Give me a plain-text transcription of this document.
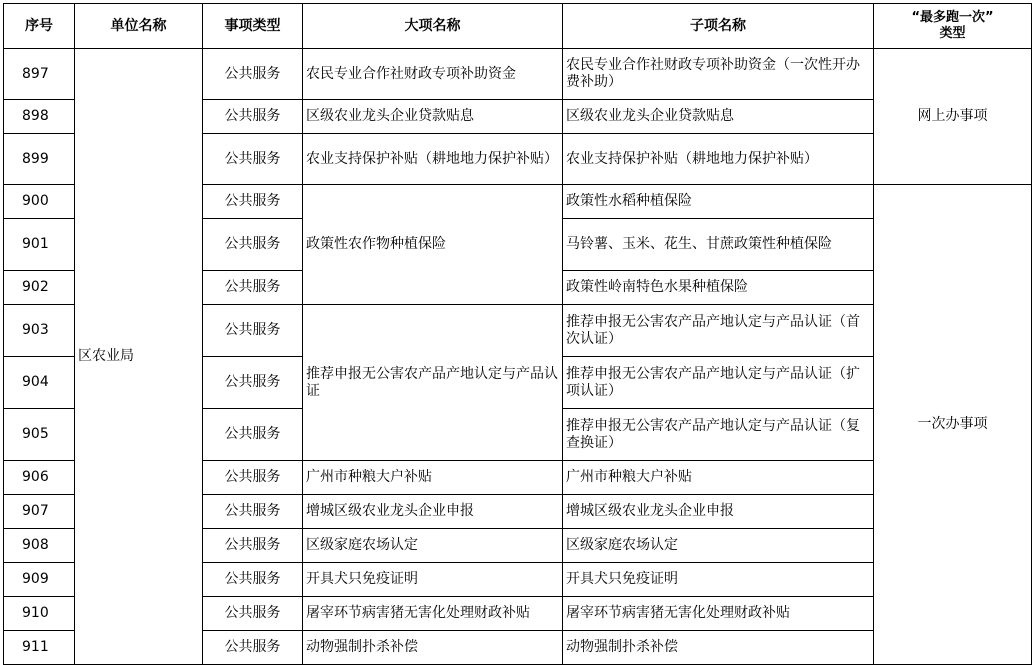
序号	单位名称	事项类型	大项名称	子项名称	“最多跑一次”
类型
897	区农业局	公共服务	农民专业合作社财政专项补助资金	农民专业合作社财政专项补助资金（一次性开办费补助）	网上办事项
898		公共服务	区级农业龙头企业贷款贴息	区级农业龙头企业贷款贴息	
899		公共服务	农业支持保护补贴（耕地地力保护补贴）	农业支持保护补贴（耕地地力保护补贴）	
900		公共服务	政策性农作物种植保险	政策性水稻种植保险	一次办事项
901		公共服务		马铃薯、玉米、花生、甘蔗政策性种植保险	
902		公共服务		政策性岭南特色水果种植保险	
903		公共服务	推荐申报无公害农产品产地认定与产品认证	推荐申报无公害农产品产地认定与产品认证（首次认证）	
904		公共服务		推荐申报无公害农产品产地认定与产品认证（扩项认证）	
905		公共服务		推荐申报无公害农产品产地认定与产品认证（复查换证）	
906		公共服务	广州市种粮大户补贴	广州市种粮大户补贴	
907		公共服务	增城区级农业龙头企业申报	增城区级农业龙头企业申报	
908		公共服务	区级家庭农场认定	区级家庭农场认定	
909		公共服务	开具犬只免疫证明	开具犬只免疫证明	
910		公共服务	屠宰环节病害猪无害化处理财政补贴	屠宰环节病害猪无害化处理财政补贴	
911		公共服务	动物强制扑杀补偿	动物强制扑杀补偿	
